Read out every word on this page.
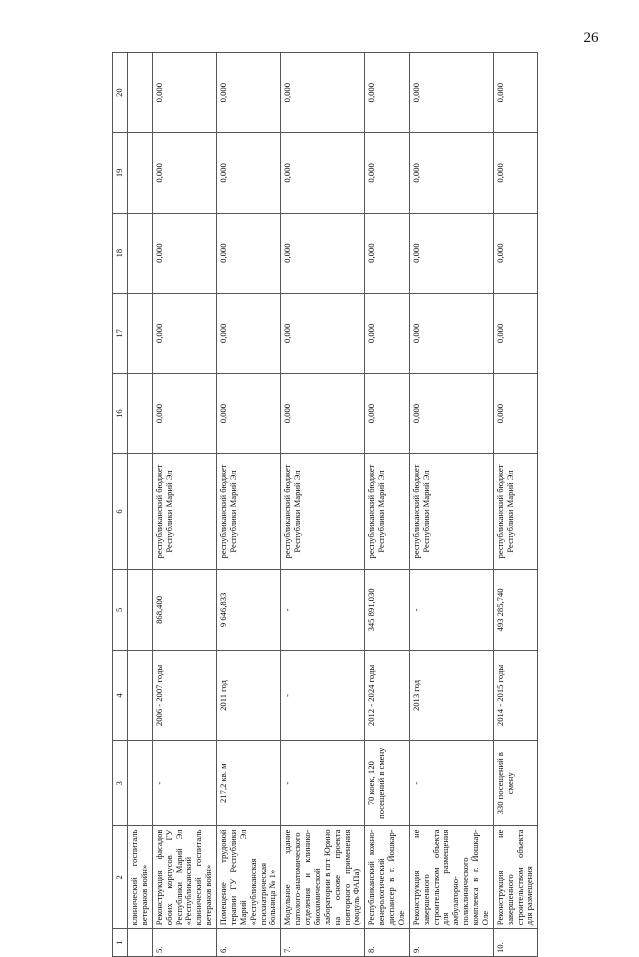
26
1	2	3	4	5	6	16	17	18	19	20
	клинический госпиталь ветеранов войн»									
5.	Реконструкция фасадов обоих корпусов ГУ Республики Марий Эл «Республиканский клинический госпиталь ветеранов войн»	-	2006 - 2007 годы	868,400	республиканский бюджет Республики Марий Эл	0,000	0,000	0,000	0,000	0,000
6.	Помещение трудовой терапии ГУ Республики Марий Эл «Республиканская психиатрическая больница № 1»	217,2 кв. м	2011 год	9 646,833	республиканский бюджет Республики Марий Эл	0,000	0,000	0,000	0,000	0,000
7.	Модульное здание патолого-анатомического отделения и клинико-биохимической лаборатории в пгт Юрино на основе проекта повторного применения (модуль ФАПа)	-	-	-	республиканский бюджет Республики Марий Эл	0,000	0,000	0,000	0,000	0,000
8.	Республиканский кожно-венерологический диспансер в г. Йошкар-Оле	70 коек, 120 посещений в смену	2012 - 2024 годы	345 891,030	республиканский бюджет Республики Марий Эл	0,000	0,000	0,000	0,000	0,000
9.	Реконструкция не завершенного строительством объекта для размещения амбулаторно-поликлинического комплекса в г. Йошкар-Оле	-	2013 год	-	республиканский бюджет Республики Марий Эл	0,000	0,000	0,000	0,000	0,000
10.	Реконструкция не завершенного строительством объекта для размещения	330 посещений в смену	2014 - 2015 годы	493 285,740	республиканский бюджет Республики Марий Эл	0,000	0,000	0,000	0,000	0,000
